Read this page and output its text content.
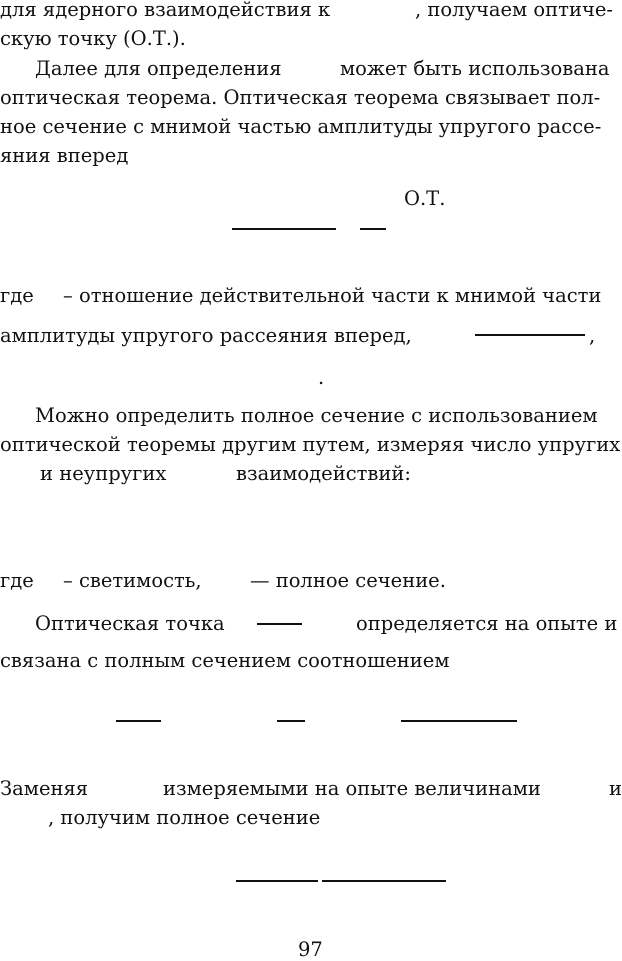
для ядерного взаимодействия к	, получаем оптиче-
скую точку (О.Т.).
Далее для определения	может быть использована
оптическая теорема. Оптическая теорема связывает пол-
ное сечение с мнимой частью амплитуды упругого рассе-
яния вперед
О.Т.
где – отношение действительной части к мнимой части
амплитуды упругого рассеяния вперед,	,
.
Можно определить полное сечение с использованием
оптической теоремы другим путем, измеряя число упругих
и неупругих	взаимодействий:
где – светимость, — полное сечение.
Оптическая точка	определяется на опыте и
связана с полным сечением соотношением
Заменяя	измеряемыми на опыте величинами	и
, получим полное сечение
97
